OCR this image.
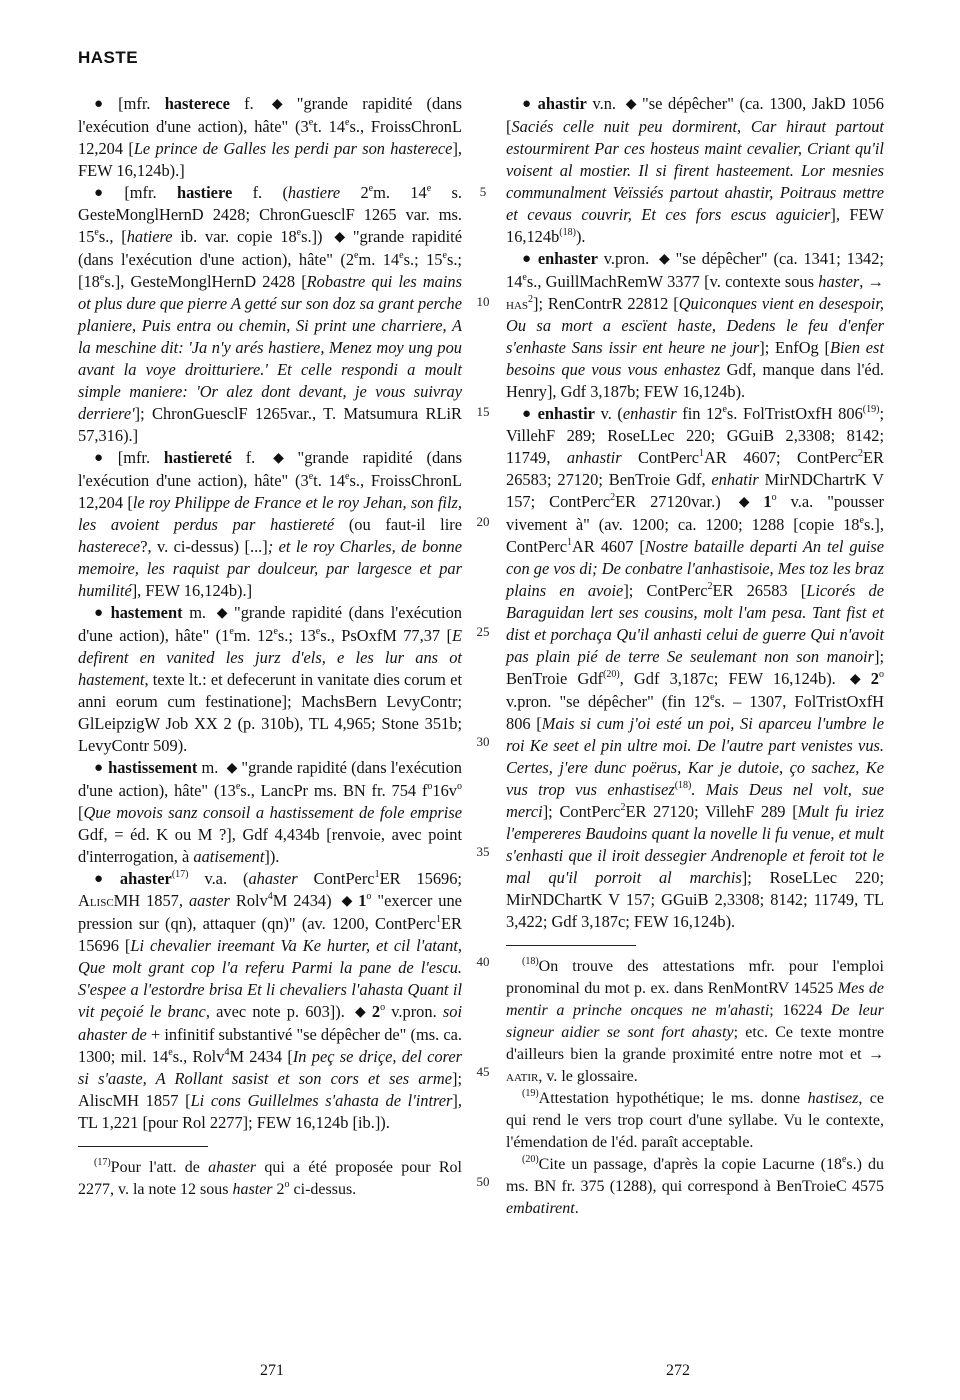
HASTE

● [mfr. hasterece f. ◆ "grande rapidité (dans l'exécution d'une action), hâte" (3et. 14es., FroissChronL 12,204 [Le prince de Galles les perdi par son hasterece], FEW 16,124b).]

● [mfr. hastiere f. (hastiere 2em. 14e s. GesteMonglHernD 2428; ChronGuesclF 1265 var. ms. 15es., [hatiere ib. var. copie 18es.]) ◆ "grande rapidité (dans l'exécution d'une action), hâte" (2em. 14es.; 15es.; [18es.], GesteMonglHernD 2428 [Robastre qui les mains ot plus dure que pierre A getté sur son doz sa grant perche planiere, Puis entra ou chemin, Si print une charriere, A la meschine dit: 'Ja n'y arés hastiere, Menez moy ung pou avant la voye droitturiere.' Et celle respondi a moult simple maniere: 'Or alez dont devant, je vous suivray derriere']; ChronGuesclF 1265var., T. Matsumura RLiR 57,316).]

● [mfr. hastiereté f. ◆ "grande rapidité (dans l'exécution d'une action), hâte" (3et. 14es., FroissChronL 12,204 [le roy Philippe de France et le roy Jehan, son filz, les avoient perdus par hastiereté (ou faut-il lire hasterece?, v. ci-dessus) [...]; et le roy Charles, de bonne memoire, les raquist par doulceur, par largesce et par humilité], FEW 16,124b).]

● hastement m. ◆ "grande rapidité (dans l'exécution d'une action), hâte" (1em. 12es.; 13es., PsOxfM 77,37 [E defirent en vanited les jurz d'els, e les lur ans ot hastement, texte lt.: et defecerunt in vanitate dies corum et anni eorum cum festinatione]; MachsBern LevyContr; GlLeipzigW Job XX 2 (p. 310b), TL 4,965; Stone 351b; LevyContr 509).

● hastissement m. ◆ "grande rapidité (dans l'exécution d'une action), hâte" (13es., LancPr ms. BN fr. 754 $f^o16v^o$ [Que movois sanz consoil a hastissement de fole emprise Gdf, = éd. K ou M ?], Gdf 4,434b [renvoie, avec point d'interrogation, à aatisement]).

● ahaster$^{(17)}$ v.a. (ahaster ContPerc$^1$ER 15696; AliscMH 1857, aaster Rolv$^4$M 2434) ◆ 1$^o$ "exercer une pression sur (qn), attaquer (qn)" (av. 1200, ContPerc$^1$ER 15696 [Li chevalier ireemant Va Ke hurter, et cil l'atant, Que molt grant cop l'a referu Parmi la pane de l'escu. S'espee a l'estordre brisa Et li chevaliers l'ahasta Quant il vit peçoié le branc, avec note p. 603]). ◆ 2$^o$ v.pron. soi ahaster de + infinitif substantivé "se dépêcher de" (ms. ca. 1300; mil. 14es., Rolv$^4$M 2434 [In peç se driçe, del corer si s'aaste, A Rollant sasist et son cors et ses arme]; AliscMH 1857 [Li cons Guillelmes s'ahasta de l'intrer], TL 1,221 [pour Rol 2277]; FEW 16,124b [ib.]).

$^{(17)}$Pour l'att. de ahaster qui a été proposée pour Rol 2277, v. la note 12 sous haster 2$^o$ ci-dessus.

5
10
15
20
25
30
35
40
45
50

● ahastir v.n. ◆ "se dépêcher" (ca. 1300, JakD 1056 [Saciés celle nuit peu dormirent, Car hiraut partout estourmirent Par ces hosteus maint cevalier, Criant qu'il voisent al mostier. Il si firent hasteement. Lor mesnies communalment Veïssiés partout ahastir, Poitraus mettre et cevaus couvrir, Et ces fors escus aguicier], FEW $16,124b^{(18)}$).

● enhaster v.pron. ◆ "se dépêcher" (ca. 1341; 1342; 14es., GuillMachRemW 3377 [v. contexte sous haster, → has$^2$]; RenContrR 22812 [Quiconques vient en desespoir, Ou sa mort a escïent haste, Dedens le feu d'enfer s'enhaste Sans issir ent heure ne jour]; EnfOg [Bien est besoins que vous vous enhastez Gdf, manque dans l'éd. Henry], Gdf 3,187b; FEW 16,124b).

● enhastir v. (enhastir fin 12es. FolTristOxfH 806$^{(19)}$; VillehF 289; RoseLLec 220; GGuiB 2,3308; 8142; 11749, anhastir ContPerc$^1$AR 4607; ContPerc$^2$ER 26583; 27120; BenTroie Gdf, enhatir MirNDChartrK V 157; ContPerc$^2$ER 27120var.) ◆ 1$^o$ v.a. "pousser vivement à" (av. 1200; ca. 1200; 1288 [copie 18es.], ContPerc$^1$AR 4607 [Nostre bataille departi An tel guise con ge vos di; De conbatre l'anhastisoie, Mes toz les braz plains en avoie]; ContPerc$^2$ER 26583 [Licorés de Baraguidan lert ses cousins, molt l'am pesa. Tant fist et dist et porchaça Qu'il anhasti celui de guerre Qui n'avoit pas plain pié de terre Se seulemant non son manoir]; BenTroie Gdf$^{(20)}$, Gdf 3,187c; FEW 16,124b). ◆ 2$^o$ v.pron. "se dépêcher" (fin 12es. – 1307, FolTristOxfH 806 [Mais si cum j'oi esté un poi, Si aparceu l'umbre le roi Ke seet el pin ultre moi. De l'autre part venistes vus. Certes, j'ere dunc poërus, Kar je dutoie, ço sachez, Ke vus trop vus enhastisez$^{(18)}$. Mais Deus nel volt, sue merci]; ContPerc$^2$ER 27120; VillehF 289 [Mult fu iriez l'empereres Baudoins quant la novelle li fu venue, et mult s'enhasti que il iroit dessegier Andrenople et feroit tot le mal qu'il porroit al marchis]; RoseLLec 220; MirNDChartK V 157; GGuiB 2,3308; 8142; 11749, TL 3,422; Gdf 3,187c; FEW 16,124b).

$^{(18)}$On trouve des attestations mfr. pour l'emploi pronominal du mot p. ex. dans RenMontRV 14525 Mes de mentir a prinche oncques ne m'ahasti; 16224 De leur signeur aidier se sont fort ahasty; etc. Ce texte montre d'ailleurs bien la grande proximité entre notre mot et → aatir, v. le glossaire.

$^{(19)}$Attestation hypothétique; le ms. donne hastisez, ce qui rend le vers trop court d'une syllabe. Vu le contexte, l'émendation de l'éd. paraît acceptable.

$^{(20)}$Cite un passage, d'après la copie Lacurne (18es.) du ms. BN fr. 375 (1288), qui correspond à BenTroieC 4575 embatirent.

271	272
